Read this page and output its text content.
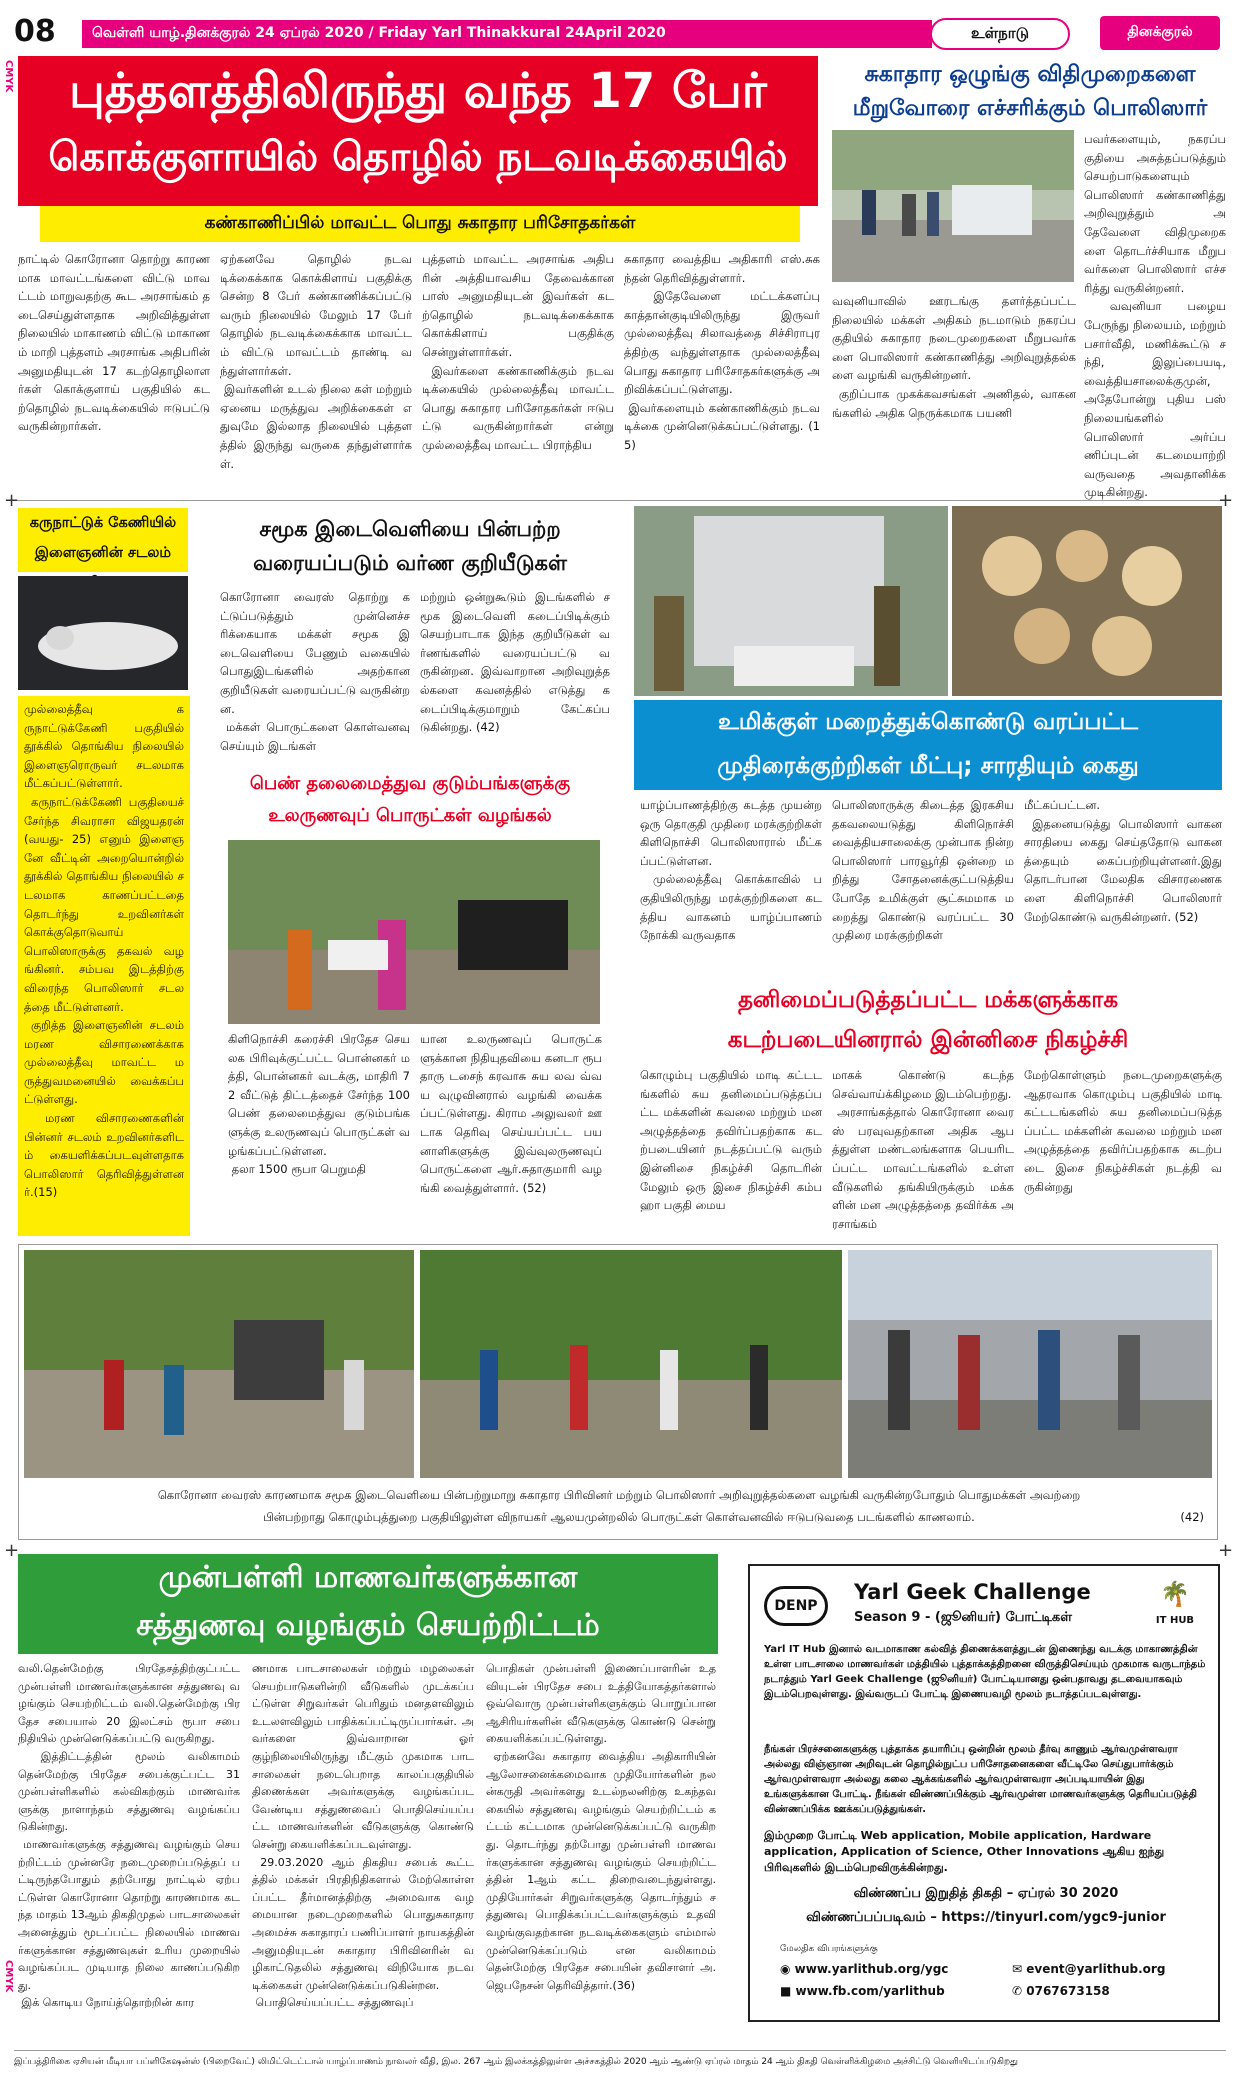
08	வெள்ளி யாழ்.தினக்குரல் 24 ஏப்ரல் 2020 / Friday Yarl Thinakkural 24April 2020	உள்நாடு	தினக்குரல்
CMYK
CMYK
புத்தளத்திலிருந்து வந்த 17 பேர்
கொக்குளாயில் தொழில் நடவடிக்கையில்
கண்காணிப்பில் மாவட்ட பொது சுகாதார பரிசோதகர்கள்
நாட்டில் கொரோனா தொற்று காரணமாக மாவட்டங்களை விட்டு மாவட்டம் மாறுவதற்கு கூட அரசாங்கம் தடைசெய்துள்ளதாக அறிவித்துள்ள நிலையில் மாகாணம் விட்டு மாகாணம் மாறி புத்தளம் அரசாங்க அதிபரின் அனுமதியுடன் 17 கடற்தொழிலாளர்கள் கொக்குளாய் பகுதியில் கடற்தொழில் நடவடிக்கையில் ஈடுபட்டு வருகின்றார்கள்.
ஏற்கனவே தொழில் நடவடிக்கைக்காக கொக்கிளாய் பகுதிக்கு சென்ற 8 பேர் கண்காணிக்கப்பட்டு வரும் நிலையில் மேலும் 17 பேர் தொழில் நடவடிக்கைக்காக மாவட்டம் விட்டு மாவட்டம் தாண்டி வந்துள்ளார்கள்.
இவர்களின் உடல் நிலை கள் மற்றும் ஏனைய மருத்துவ அறிக்கைகள் எதுவுமே இல்லாத நிலையில் புத்தளத்தில் இருந்து வருகை தந்துள்ளார்கள்.
புத்தளம் மாவட்ட அரசாங்க அதிபரின் அத்தியாவசிய தேவைக்கான பாஸ் அனுமதியுடன் இவர்கள் கடற்தொழில் நடவடிக்கைக்காக கொக்கிளாய் பகுதிக்கு சென்றுள்ளார்கள்.
இவர்களை கண்காணிக்கும் நடவடிக்கையில் முல்லைத்தீவு மாவட்ட பொது சுகாதார பரிசோதகர்கள் ஈடுபட்டு வருகின்றார்கள் என்று முல்லைத்தீவு மாவட்ட பிராந்திய
சுகாதார வைத்திய அதிகாரி எஸ்.சுகந்தன் தெரிவித்துள்ளார்.
இதேவேளை மட்டக்களப்பு காத்தான்குடியிலிருந்து இருவர் முல்லைத்தீவு சிலாவத்தை சிச்சிராபுரத்திற்கு வந்துள்ளதாக முல்லைத்தீவு பொது சுகாதார பரிசோதகர்களுக்கு அறிவிக்கப்பட்டுள்ளது.
இவர்களையும் கண்காணிக்கும் நடவடிக்கை முன்னெடுக்கப்பட்டுள்ளது. (15)
சுகாதார ஒழுங்கு விதிமுறைகளை
மீறுவோரை எச்சரிக்கும் பொலிஸார்
பவர்களையும், நகரப்பகுதியை அசுத்தப்படுத்தும் செயற்பாடுகளையும் பொலிஸார் கண்காணித்து அறிவுறுத்தும் அதேவேளை விதிமுறைகளை தொடர்ச்சியாக மீறுபவர்களை பொலிஸார் எச்சரித்து வருகின்றனர்.
வவுனியா பழைய பேருந்து நிலையம், மற்றும் பசார்வீதி, மணிக்கூட்டு சந்தி, இலுப்பையடி, வைத்தியசாலைக்குமுன், அதேபோன்று புதிய பஸ் நிலையங்களில் பொலிஸார் அர்ப்பணிப்புடன் கடமையாற்றி வருவதை அவதானிக்க முடிகின்றது.
வவுனியாவில் ஊரடங்கு தளர்த்தப்பட்ட நிலையில் மக்கள் அதிகம் நடமாடும் நகரப்பகுதியில் சுகாதார நடைமுறைகளை மீறுபவர்களை பொலிஸார் கண்காணித்து அறிவுறுத்தல்களை வழங்கி வருகின்றனர்.
குறிப்பாக முகக்கவசங்கள் அணிதல், வாகனங்களில் அதிக நெருக்கமாக பயணி
கருநாட்டுக் கேணியில்
இளைஞனின் சடலம்
முல்லைத்தீவு கருநாட்டுக்கேணி பகுதியில் தூக்கில் தொங்கிய நிலையில் இளைஞரொருவர் சடலமாக மீட்கப்பட்டுள்ளார்.
கருநாட்டுக்கேணி பகுதியைச் சேர்ந்த சிவராசா விஜயதரன் (வயது- 25) எனும் இளைஞனே வீட்டின் அறையொன்றில் தூக்கில் தொங்கிய நிலையில் சடலமாக காணப்பட்டதை தொடர்ந்து உறவினர்கள் கொக்குதொடுவாய் பொலிஸாருக்கு தகவல் வழங்கினர். சம்பவ இடத்திற்கு விரைந்த பொலிஸார் சடலத்தை மீட்டுள்ளனர்.
குறித்த இளைஞனின் சடலம் மரண விசாரணைக்காக முல்லைத்தீவு மாவட்ட மருத்துவமனையில் வைக்கப்பட்டுள்ளது.
மரண விசாரணைகளின் பின்னர் சடலம் உறவினர்களிடம் கையளிக்கப்படவுள்ளதாக பொலிஸார் தெரிவித்துள்ளனர்.(15)
சமூக இடைவெளியை பின்பற்ற
வரையப்படும் வர்ண குறியீடுகள்
கொரோனா வைரஸ் தொற்று கட்டுப்படுத்தும் முன்னெச்சரிக்கையாக மக்கள் சமூக இடைவெளியை பேணும் வகையில் பொதுஇடங்களில் அதற்கான குறியீடுகள் வரையப்பட்டு வருகின்றன.
மக்கள் பொருட்களை கொள்வனவு செய்யும் இடங்கள்
மற்றும் ஒன்றுகூடும் இடங்களில் சமூக இடைவெளி கடைப்பிடிக்கும் செயற்பாடாக இந்த குறியீடுகள் வர்ணங்களில் வரையப்பட்டு வருகின்றன. இவ்வாறான அறிவுறுத்தல்களை கவனத்தில் எடுத்து கடைப்பிடிக்குமாறும் கேட்கப்படுகின்றது. (42)
பெண் தலைமைத்துவ குடும்பங்களுக்கு
உலருணவுப் பொருட்கள் வழங்கல்
கிளிநொச்சி கரைச்சி பிரதேச செயலக பிரிவுக்குட்பட்ட பொன்னகர் மத்தி, பொன்னகர் வடக்கு, மாதிரி 72 வீட்டுத் திட்டத்தைச் சேர்ந்த 100 பெண் தலைமைத்துவ குடும்பங்களுக்கு உலருணவுப் பொருட்கள் வழங்கப்பட்டுள்ளன.
தலா 1500 ரூபா பெறுமதி
யான உலருணவுப் பொருட்களுக்கான நிதியுதவியை கனடா ரூபதாரு டசைந் கரவாசு சுய லவ வ்வய வுழுவினரால் வழங்கி வைக்கப்பட்டுள்ளது. கிராம அலுவலர் ஊடாக தெரிவு செய்யப்பட்ட பயனாளிகளுக்கு இவ்வுலருணவுப் பொருட்களை ஆர்.சுதாகுமாரி வழங்கி வைத்துள்ளார். (52)
உமிக்குள் மறைத்துக்கொண்டு வரப்பட்ட
முதிரைக்குற்றிகள் மீட்பு; சாரதியும் கைது
யாழ்ப்பாணத்திற்கு கடத்த முயன்ற ஒரு தொகுதி முதிரை மரக்குற்றிகள் கிளிநொச்சி பொலிஸாரால் மீட்கப்பட்டுள்ளன.
முல்லைத்தீவு கொக்காவில் பகுதியிலிருந்து மரக்குற்றிகளை கடத்திய வாகனம் யாழ்ப்பாணம் நோக்கி வருவதாக
பொலிஸாருக்கு கிடைத்த இரகசிய தகவலையடுத்து கிளிநொச்சி வைத்தியசாலைக்கு முன்பாக நின்ற பொலிஸார் பாரவூர்தி ஒன்றை மறித்து சோதனைக்குட்படுத்திய போதே உமிக்குள் சூட்சுமமாக மறைத்து கொண்டு வரப்பட்ட 30 முதிரை மரக்குற்றிகள்
மீட்கப்பட்டன.
இதனையடுத்து பொலிஸார் வாகன சாரதியை கைது செய்ததோடு வாகனத்தையும் கைப்பற்றியுள்ளனர்.இது தொடர்பான மேலதிக விசாரணைகளை கிளிநொச்சி பொலிஸார் மேற்கொண்டு வருகின்றனர். (52)
தனிமைப்படுத்தப்பட்ட மக்களுக்காக
கடற்படையினரால் இன்னிசை நிகழ்ச்சி
கொழும்பு பகுதியில் மாடி கட்டடங்களில் சுய தனிமைப்படுத்தப்பட்ட மக்களின் கவலை மற்றும் மன அழுத்தத்தை தவிர்ப்பதற்காக கடற்படையினர் நடத்தப்பட்டு வரும் இன்னிசை நிகழ்ச்சி தொடரின் மேலும் ஒரு இசை நிகழ்ச்சி கம்பஹா பகுதி மைய
மாகக் கொண்டு கடந்த செவ்வாய்க்கிழமை இடம்பெற்றது.
அரசாங்கத்தால் கொரோனா வைரஸ் பரவுவதற்கான அதிக ஆபத்துள்ள மண்டலங்களாக பெயரிடப்பட்ட மாவட்டங்களில் உள்ள வீடுகளில் தங்கியிருக்கும் மக்களின் மன அழுத்தத்தை தவிர்க்க அரசாங்கம்
மேற்கொள்ளும் நடைமுறைகளுக்கு ஆதரவாக கொழும்பு பகுதியில் மாடி கட்டடங்களில் சுய தனிமைப்படுத்தப்பட்ட மக்களின் கவலை மற்றும் மன அழுத்தத்தை தவிர்ப்பதற்காக கடற்படை இசை நிகழ்ச்சிகள் நடத்தி வருகின்றது
கொரோனா வைரஸ் காரணமாக சமூக இடைவெளியை பின்பற்றுமாறு சுகாதார பிரிவினர் மற்றும் பொலிஸார் அறிவுறுத்தல்களை வழங்கி வருகின்றபோதும் பொதுமக்கள் அவற்றை
பின்பற்றாது கொழும்புத்துறை பகுதியிலுள்ள விநாயகர் ஆலயமுன்றலில் பொருட்கள் கொள்வனவில் ஈடுபடுவதை படங்களில் காணலாம்.	(42)
முன்பள்ளி மாணவர்களுக்கான
சத்துணவு வழங்கும் செயற்றிட்டம்
வலி.தென்மேற்கு பிரதேசத்திற்குட்பட்ட முன்பள்ளி மாணவர்களுக்கான சத்துணவு வழங்கும் செயற்றிட்டம் வலி.தென்மேற்கு பிரதேச சபையால் 20 இலட்சம் ரூபா சபை நிதியில் முன்னெடுக்கப்பட்டு வருகிறது.
இத்திட்டத்தின் மூலம் வலிகாமம் தென்மேற்கு பிரதேச சபைக்குட்பட்ட 31 முன்பள்ளிகளில் கல்விகற்கும் மாணவர்களுக்கு நாளாந்தம் சத்துணவு வழங்கப்படுகின்றது.
மாணவர்களுக்கு சத்துணவு வழங்கும் செயற்றிட்டம் முன்னரே நடைமுறைப்படுத்தப் பட்டிருந்தபோதும் தற்போது நாட்டில் ஏற்பட்டுள்ள கொரோனா தொற்று காரணமாக கடந்த மாதம் 13ஆம் திகதிமுதல் பாடசாலைகள் அனைத்தும் மூடப்பட்ட நிலையில் மாணவர்களுக்கான சத்துணவுகள் உரிய முறையில் வழங்கப்பட முடியாத நிலை காணப்படுகிறது.
இக் கொடிய நோய்த்தொற்றின் கார
ணமாக பாடசாலைகள் மற்றும் மழலைகள் செயற்பாடுகளின்றி வீடுகளில் முடக்கப்பட்டுள்ள சிறுவர்கள் பெரிதும் மனதளவிலும் உடலளவிலும் பாதிக்கப்பட்டிருப்பார்கள். அவர்களை இவ்வாறான ஓர் குழ்நிலையிலிருந்து மீட்கும் முகமாக பாடசாலைகள் நடைபெறாத காலப்பகுதியில் திணைக்கள அவர்களுக்கு வழங்கப்படவேண்டிய சத்துணவைப் பொதிசெய்யப்பட்ட மாணவர்களின் வீடுகளுக்கு கொண்டு சென்று கையளிக்கப்படவுள்ளது.
29.03.2020 ஆம் திகதிய சபைக் கூட்டத்தில் மக்கள் பிரதிநிதிகளால் மேற்கொள்ளப்பட்ட தீர்மானத்திற்கு அமைவாக வழமையான நடைமுறைகளில் பொதுசுகாதார அமைச்சு சுகாதாரப் பணிப்பாளர் நாயகத்தின் அனுமதியுடன் சுகாதார பிரிவினரின் வழிகாட்டுதலில் சத்துணவு விநியோக நடவடிக்கைகள் முன்னெடுக்கப்படுகின்றன.
பொதிசெய்யப்பட்ட சத்துணவுப்
பொதிகள் முன்பள்ளி இணைப்பாளரின் உதவியுடன் பிரதேச சபை உத்தியோகத்தர்களால் ஒவ்வொரு முன்பள்ளிகளுக்கும் பொறுப்பான ஆசிரியர்களின் வீடுகளுக்கு கொண்டு சென்று கையளிக்கப்பட்டுள்ளது.
ஏற்கனவே சுகாதார வைத்திய அதிகாரியின் ஆலோசனைக்கமைவாக முதியோர்களின் நலன்கருதி அவர்களது உடல்நலனிற்கு உகந்தவகையில் சத்துணவு வழங்கும் செயற்றிட்டம் கட்டம் கட்டமாக முன்னெடுக்கப்பட்டு வருகிறது. தொடர்ந்து தற்போது முன்பள்ளி மாணவர்களுக்கான சத்துணவு வழங்கும் செயற்றிட்டத்தின் 1ஆம் கட்ட திறைவடைந்துள்ளது. முதியோர்கள் சிறுவர்களுக்கு தொடர்ந்தும் சத்துணவு பொதிக்கப்பட்டவர்களுக்கும் உதவி வழங்குவதற்கான நடவடிக்கைகளும் எம்மால் முன்னெடுக்கப்படும் என வலிகாமம் தென்மேற்கு பிரதேச சபையின் தவிசாளர் அ.ஜெபநேசன் தெரிவித்தார்.(36)
DENP
Yarl Geek Challenge
Season 9 - (ஜூனியர்) போட்டிகள்
🌴
IT HUB
Yarl IT Hub இனால் வடமாகாண கல்வித் திணைக்களத்துடன் இணைந்து வடக்கு மாகாணத்தின் உள்ள பாடசாலை மாணவர்கள் மத்தியில் புத்தாக்கத்திறனை விருத்திசெய்யும் முகமாக வருடாந்தம் நடாத்தும் Yarl Geek Challenge (ஜூனியர்) போட்டியானது ஒன்பதாவது தடவையாகவும் இடம்பெறவுள்ளது. இவ்வருடப் போட்டி இணையவழி மூலம் நடாத்தப்படவுள்ளது.
நீங்கள் பிரச்சனைகளுக்கு புத்தாக்க தயாரிப்பு ஒன்றின் மூலம் தீர்வு காணும் ஆர்வமுள்ளவரா அல்லது விஞ்ஞான அறிவுடன் தொழில்நுட்ப பரிசோதனைகளை வீட்டிலே செய்துபார்க்கும் ஆர்வமுள்ளவரா அல்லது கலை ஆக்கங்களில் ஆர்வமுள்ளவரா அப்படியாயின் இது உங்களுக்கான போட்டி. நீங்கள் விண்ணப்பிக்கும் ஆர்வமுள்ள மாணவர்களுக்கு தெரியப்படுத்தி விண்ணப்பிக்க ஊக்கப்படுத்துங்கள்.
இம்முறை போட்டி Web application, Mobile application, Hardware application, Application of Science, Other Innovations ஆகிய ஐந்து பிரிவுகளில் இடம்பெறவிருக்கின்றது.
விண்ணப்ப இறுதித் திகதி – ஏப்ரல் 30 2020
விண்ணப்பப்படிவம் – https://tinyurl.com/ygc9-junior
மேலதிக விபரங்களுக்கு
◉ www.yarlithub.org/ygc
■ www.fb.com/yarlithub
✉ event@yarlithub.org
✆ 0767673158
இப்பத்திரிகை ஏசியன் மீடியா பப்ளிகேஷன்ஸ் (பிறைவேட்) லிமிட்டெட்டால் யாழ்ப்பாணம் நாவலர் வீதி, இல. 267 ஆம் இலக்கத்திலுள்ள அச்சகத்தில் 2020 ஆம் ஆண்டு ஏப்ரல் மாதம் 24 ஆம் திகதி வெள்ளிக்கிழமை அச்சிட்டு வெளியிடப்படுகிறது
+	+
+	+
